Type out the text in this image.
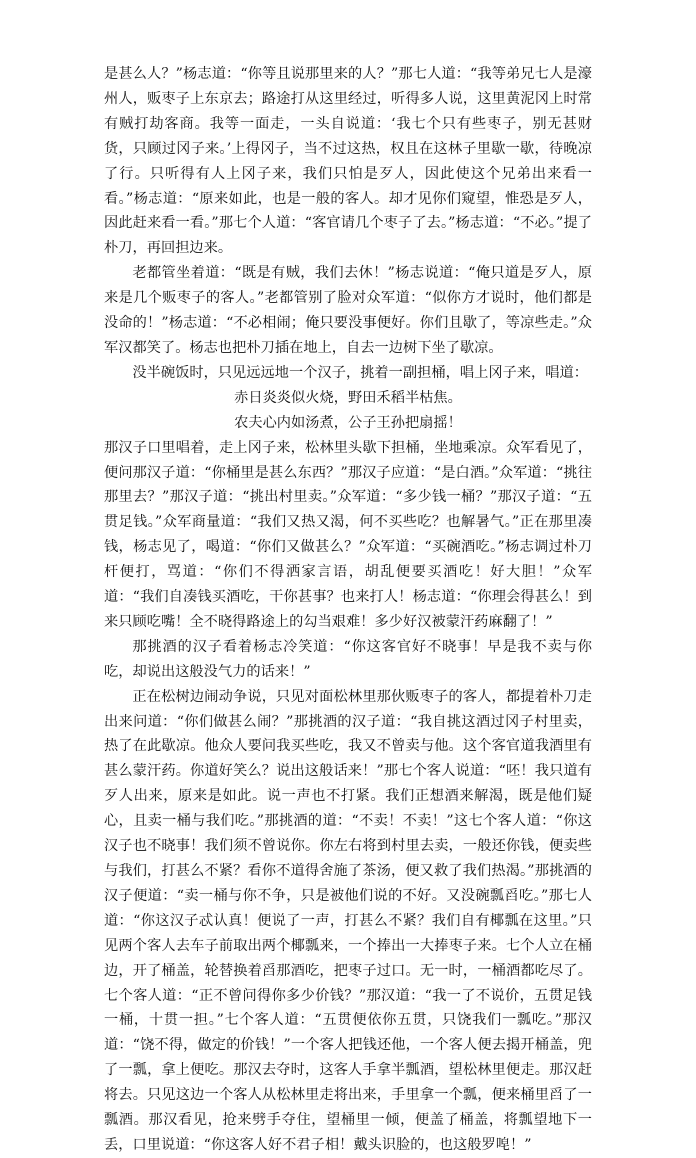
是甚么人？”杨志道：“你等且说那里来的人？”那七人道：“我等弟兄七人是濠州人，贩枣子上东京去；路途打从这里经过，听得多人说，这里黄泥冈上时常有贼打劫客商。我等一面走，一头自说道：‘我七个只有些枣子，别无甚财货，只顾过冈子来。’上得冈子，当不过这热，权且在这林子里歇一歇，待晚凉了行。只听得有人上冈子来，我们只怕是歹人，因此使这个兄弟出来看一看。”杨志道：“原来如此，也是一般的客人。却才见你们窥望，惟恐是歹人，因此赶来看一看。”那七个人道：“客官请几个枣子了去。”杨志道：“不必。”提了朴刀，再回担边来。

老都管坐着道：“既是有贼，我们去休！”杨志说道：“俺只道是歹人，原来是几个贩枣子的客人。”老都管别了脸对众军道：“似你方才说时，他们都是没命的！”杨志道：“不必相闹；俺只要没事便好。你们且歇了，等凉些走。”众军汉都笑了。杨志也把朴刀插在地上，自去一边树下坐了歇凉。

没半碗饭时，只见远远地一个汉子，挑着一副担桶，唱上冈子来，唱道：

赤日炎炎似火烧，野田禾稻半枯焦。

农夫心内如汤煮，公子王孙把扇摇！

那汉子口里唱着，走上冈子来，松林里头歇下担桶，坐地乘凉。众军看见了，便问那汉子道：“你桶里是甚么东西？”那汉子应道：“是白酒。”众军道：“挑往那里去？”那汉子道：“挑出村里卖。”众军道：“多少钱一桶？”那汉子道：“五贯足钱。”众军商量道：“我们又热又渴，何不买些吃？也解暑气。”正在那里凑钱，杨志见了，喝道：“你们又做甚么？”众军道：“买碗酒吃。”杨志调过朴刀杆便打，骂道：“你们不得洒家言语，胡乱便要买酒吃！好大胆！”众军道：“我们自凑钱买酒吃，干你甚事？也来打人！杨志道：“你理会得甚么！到来只顾吃嘴！全不晓得路途上的勾当艰难！多少好汉被蒙汗药麻翻了！”

那挑酒的汉子看着杨志冷笑道：“你这客官好不晓事！早是我不卖与你吃，却说出这般没气力的话来！”

正在松树边闹动争说，只见对面松林里那伙贩枣子的客人，都提着朴刀走出来问道：“你们做甚么闹？”那挑酒的汉子道：“我自挑这酒过冈子村里卖，热了在此歇凉。他众人要问我买些吃，我又不曾卖与他。这个客官道我酒里有甚么蒙汗药。你道好笑么？说出这般话来！”那七个客人说道：“呸！我只道有歹人出来，原来是如此。说一声也不打紧。我们正想酒来解渴，既是他们疑心，且卖一桶与我们吃。”那挑酒的道：“不卖！不卖！”这七个客人道：“你这汉子也不晓事！我们须不曾说你。你左右将到村里去卖，一般还你钱，便卖些与我们，打甚么不紧？看你不道得舍施了茶汤，便又救了我们热渴。”那挑酒的汉子便道：“卖一桶与你不争，只是被他们说的不好。又没碗瓢舀吃。”那七人道：“你这汉子忒认真！便说了一声，打甚么不紧？我们自有椰瓢在这里。”只见两个客人去车子前取出两个椰瓢来，一个捧出一大捧枣子来。七个人立在桶边，开了桶盖，轮替换着舀那酒吃，把枣子过口。无一时，一桶酒都吃尽了。七个客人道：“正不曾问得你多少价钱？”那汉道：“我一了不说价，五贯足钱一桶，十贯一担。”七个客人道：“五贯便依你五贯，只饶我们一瓢吃。”那汉道：“饶不得，做定的价钱！”一个客人把钱还他，一个客人便去揭开桶盖，兜了一瓢，拿上便吃。那汉去夺时，这客人手拿半瓢酒，望松林里便走。那汉赶将去。只见这边一个客人从松林里走将出来，手里拿一个瓢，便来桶里舀了一瓢酒。那汉看见，抢来劈手夺住，望桶里一倾，便盖了桶盖，将瓢望地下一丢，口里说道：“你这客人好不君子相！戴头识脸的，也这般罗唣！”
